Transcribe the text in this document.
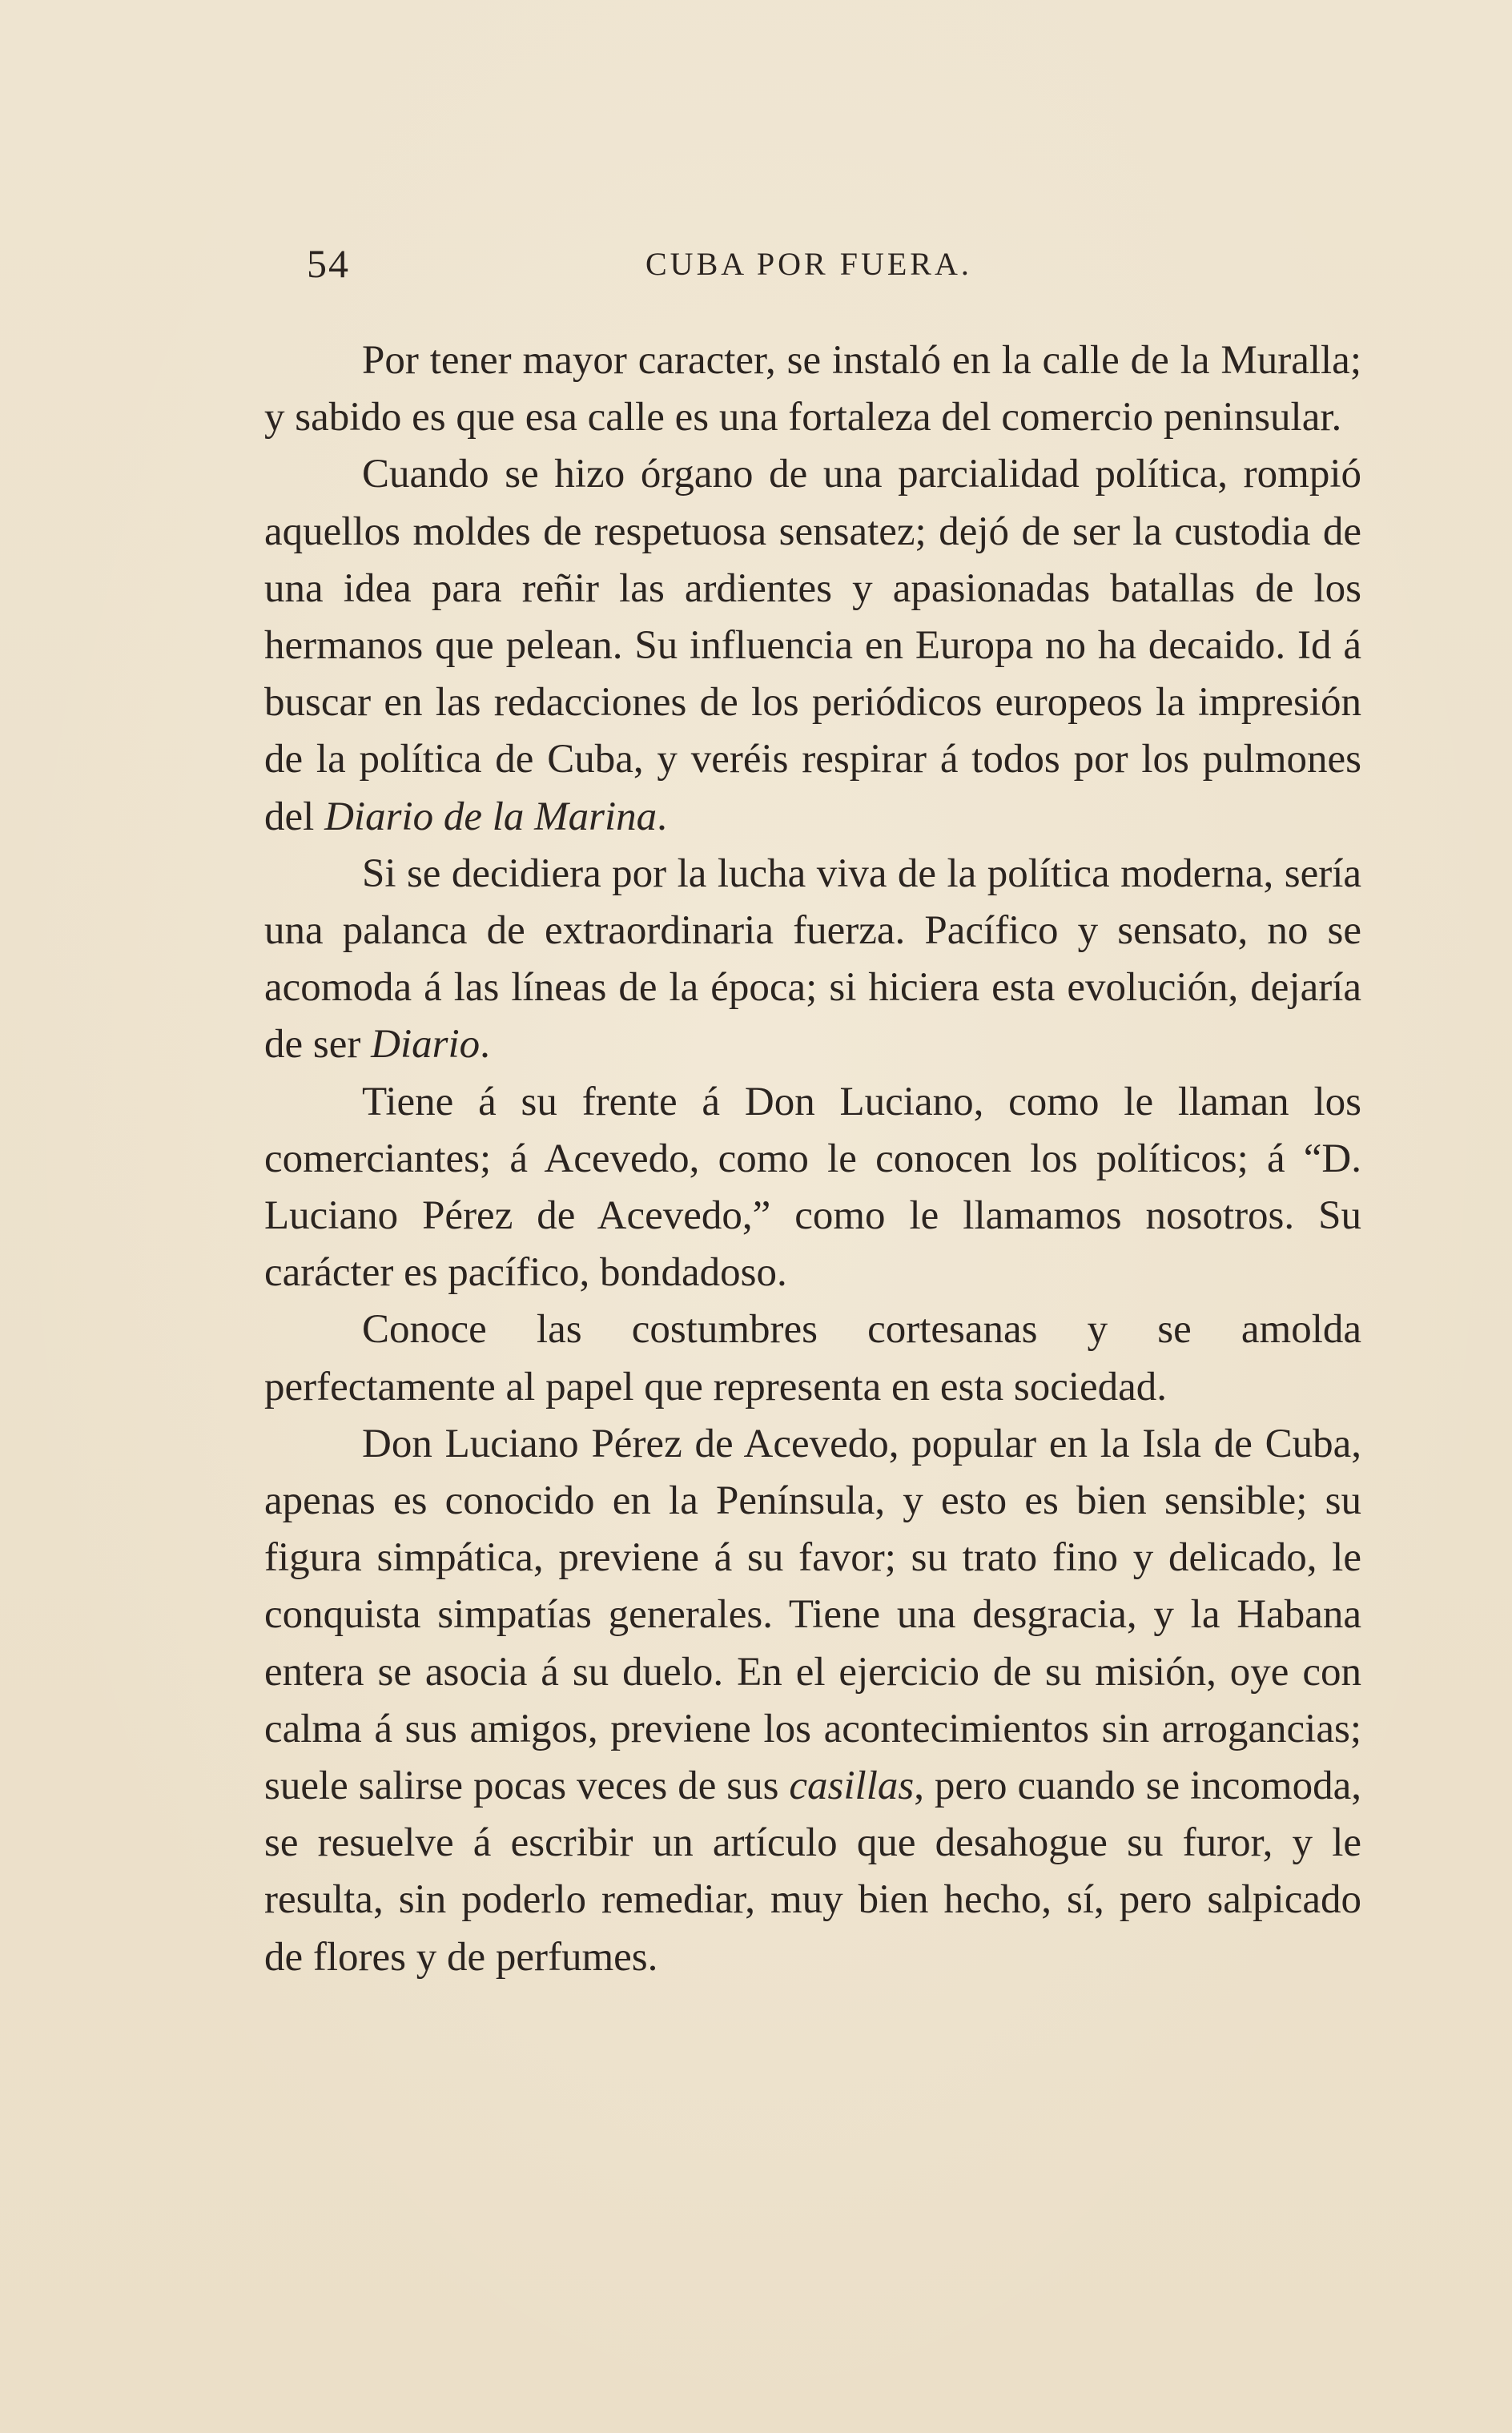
54	CUBA POR FUERA.

Por tener mayor caracter, se instaló en la calle de la Muralla; y sabido es que esa calle es una fortaleza del comercio peninsular.

Cuando se hizo órgano de una parcialidad política, rompió aquellos moldes de respetuosa sensatez; dejó de ser la custodia de una idea para reñir las ardientes y apasionadas batallas de los hermanos que pelean. Su influencia en Europa no ha decaido. Id á buscar en las redacciones de los periódicos europeos la impresión de la política de Cuba, y veréis respirar á todos por los pulmones del Diario de la Marina.

Si se decidiera por la lucha viva de la política moderna, sería una palanca de extraordinaria fuerza. Pacífico y sensato, no se acomoda á las líneas de la época; si hiciera esta evolución, dejaría de ser Diario.

Tiene á su frente á Don Luciano, como le llaman los comerciantes; á Acevedo, como le conocen los políticos; á “D. Luciano Pérez de Acevedo,” como le llamamos nosotros. Su carácter es pacífico, bondadoso.

Conoce las costumbres cortesanas y se amolda perfectamente al papel que representa en esta sociedad.

Don Luciano Pérez de Acevedo, popular en la Isla de Cuba, apenas es conocido en la Península, y esto es bien sensible; su figura simpática, previene á su favor; su trato fino y delicado, le conquista simpatías generales. Tiene una desgracia, y la Habana entera se asocia á su duelo. En el ejercicio de su misión, oye con calma á sus amigos, previene los acontecimientos sin arrogancias; suele salirse pocas veces de sus casillas, pero cuando se incomoda, se resuelve á escribir un artículo que desahogue su furor, y le resulta, sin poderlo remediar, muy bien hecho, sí, pero salpicado de flores y de perfumes.
